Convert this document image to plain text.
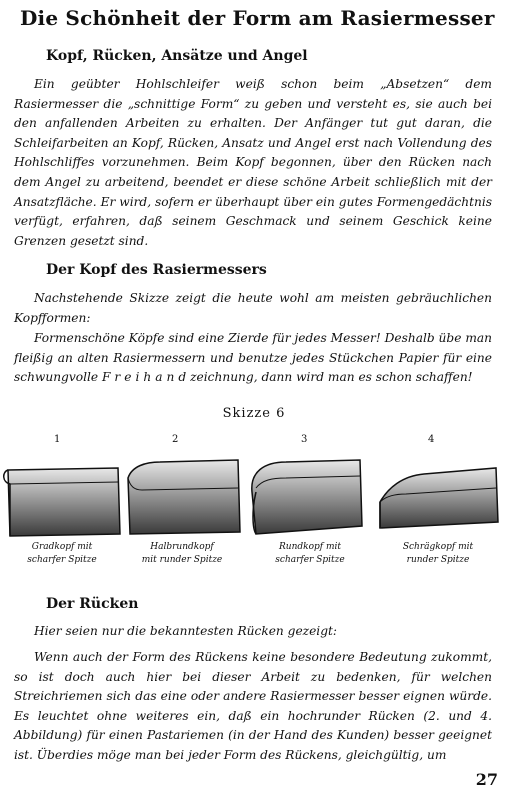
Die Schönheit der Form am Rasiermesser
Kopf, Rücken, Ansätze und Angel

Ein geübter Hohlschleifer weiß schon beim „Absetzen“ dem Rasiermesser die „schnittige Form“ zu geben und versteht es, sie auch bei den anfallenden Arbeiten zu erhalten. Der Anfänger tut gut daran, die Schleifarbeiten an Kopf, Rücken, Ansatz und Angel erst nach Vollendung des Hohlschliffes vorzunehmen. Beim Kopf begonnen, über den Rücken nach dem Angel zu arbeitend, beendet er diese schöne Arbeit schließlich mit der Ansatzfläche. Er wird, sofern er überhaupt über ein gutes Formengedächtnis verfügt, erfahren, daß seinem Geschmack und seinem Geschick keine Grenzen gesetzt sind.

Der Kopf des Rasiermessers

Nachstehende Skizze zeigt die heute wohl am meisten gebräuchlichen Kopfformen:

Formenschöne Köpfe sind eine Zierde für jedes Messer! Deshalb übe man fleißig an alten Rasiermessern und benutze jedes Stückchen Papier für eine schwungvolle Freihandzeichnung, dann wird man es schon schaffen!

Skizze 6
1	2	3	4
Gradkopf mit
scharfer Spitze
Halbrundkopf
mit runder Spitze
Rundkopf mit
scharfer Spitze
Schrägkopf mit
runder Spitze
Der Rücken

Hier seien nur die bekanntesten Rücken gezeigt:

Wenn auch der Form des Rückens keine besondere Bedeutung zukommt, so ist doch auch hier bei dieser Arbeit zu bedenken, für welchen Streichriemen sich das eine oder andere Rasiermesser besser eignen würde. Es leuchtet ohne weiteres ein, daß ein hochrunder Rücken (2. und 4. Abbildung) für einen Pastariemen (in der Hand des Kunden) besser geeignet ist. Überdies möge man bei jeder Form des Rückens, gleichgültig, um

27
